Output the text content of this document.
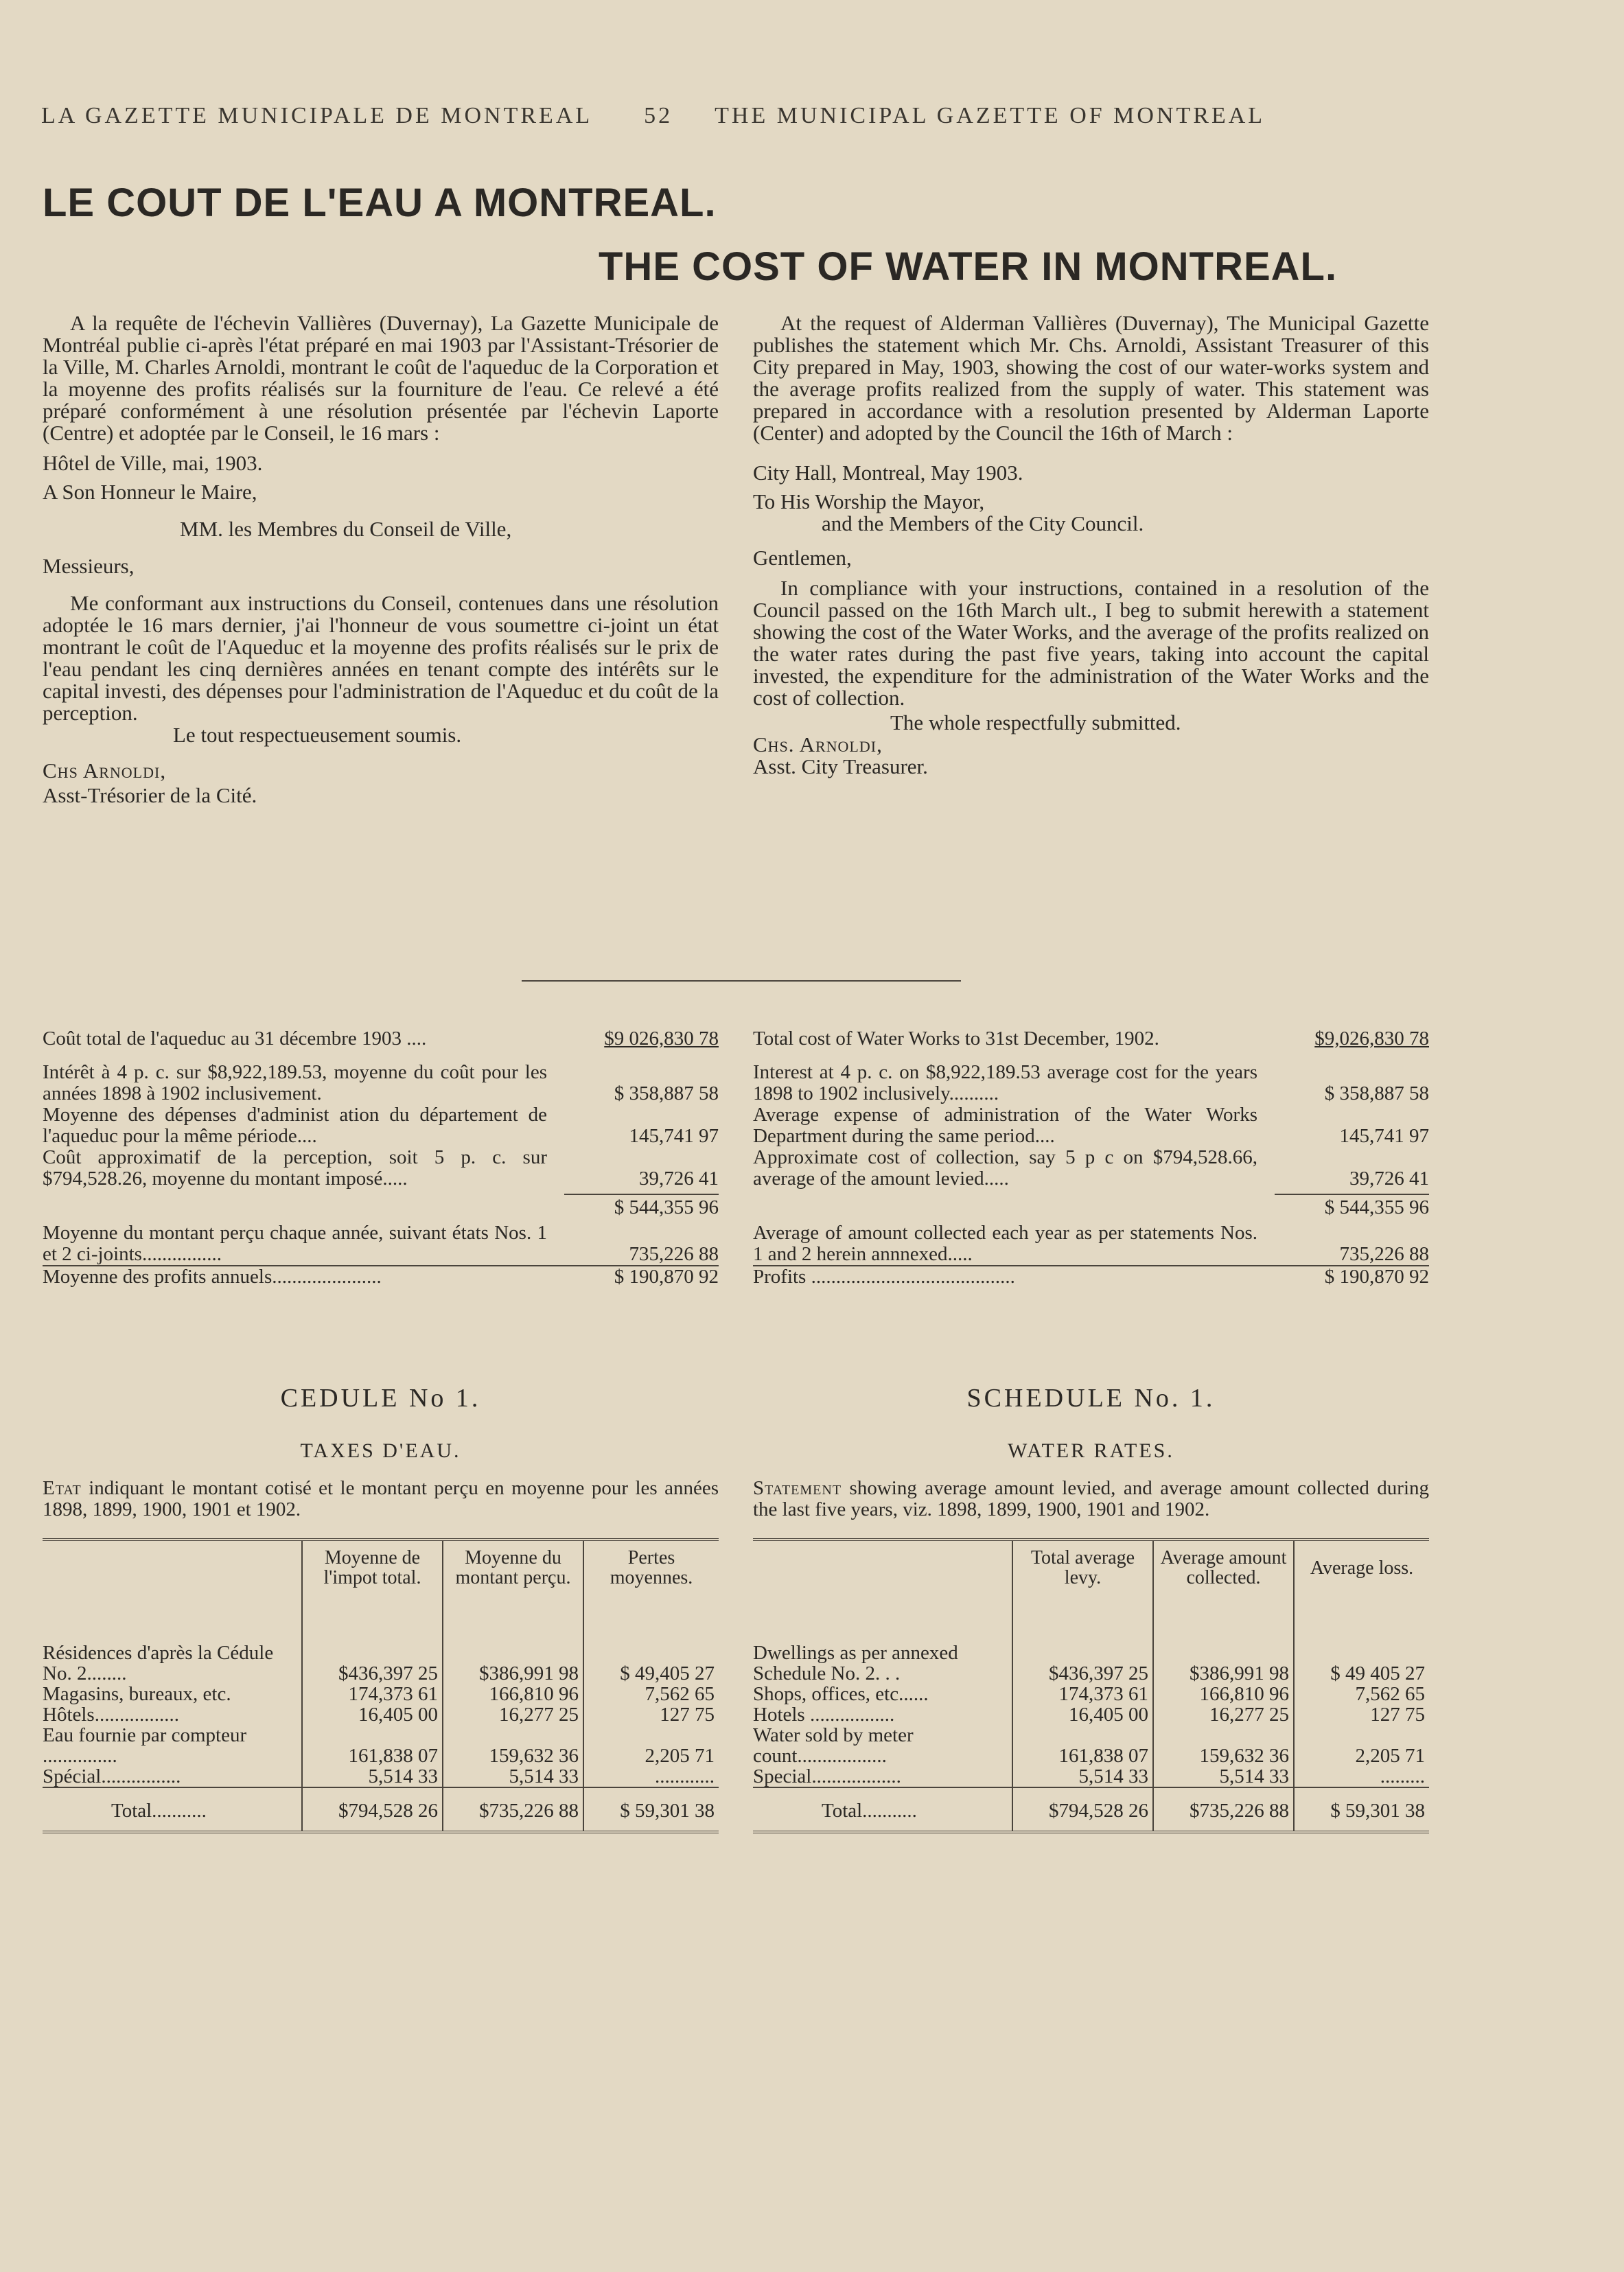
LA GAZETTE MUNICIPALE DE MONTREAL 52 THE MUNICIPAL GAZETTE OF MONTREAL
LE COUT DE L'EAU A MONTREAL.
THE COST OF WATER IN MONTREAL.

A la requête de l'échevin Vallières (Duvernay), La Gazette Municipale de Montréal publie ci-après l'état préparé en mai 1903 par l'Assistant-Trésorier de la Ville, M. Charles Arnoldi, montrant le coût de l'aqueduc de la Corporation et la moyenne des profits réalisés sur la fourniture de l'eau. Ce relevé a été préparé conformément à une résolution présentée par l'échevin Laporte (Centre) et adoptée par le Conseil, le 16 mars :

Hôtel de Ville, mai, 1903.

A Son Honneur le Maire,

MM. les Membres du Conseil de Ville,

Messieurs,

Me conformant aux instructions du Conseil, contenues dans une résolution adoptée le 16 mars dernier, j'ai l'honneur de vous soumettre ci-joint un état montrant le coût de l'Aqueduc et la moyenne des profits réalisés sur le prix de l'eau pendant les cinq dernières années en tenant compte des intérêts sur le capital investi, des dépenses pour l'administration de l'Aqueduc et du coût de la perception.

Le tout respectueusement soumis.

Chs Arnoldi,

Asst-Trésorier de la Cité.

At the request of Alderman Vallières (Duvernay), The Municipal Gazette publishes the statement which Mr. Chs. Arnoldi, Assistant Treasurer of this City prepared in May, 1903, showing the cost of our water-works system and the average profits realized from the supply of water. This statement was prepared in accordance with a resolution presented by Alderman Laporte (Center) and adopted by the Council the 16th of March :

City Hall, Montreal, May 1903.

To His Worship the Mayor,

and the Members of the City Council.

Gentlemen,

In compliance with your instructions, contained in a resolution of the Council passed on the 16th March ult., I beg to submit herewith a statement showing the cost of the Water Works, and the average of the profits realized on the water rates during the past five years, taking into account the capital invested, the expenditure for the administration of the Water Works and the cost of collection.

The whole respectfully submitted.

Chs. Arnoldi,

Asst. City Treasurer.

Coût total de l'aqueduc au 31 décembre 1903 ....	$9 026,830 78
Intérêt à 4 p. c. sur $8,922,189.53, moyenne du coût pour les années 1898 à 1902 inclusivement.	$ 358,887 58
Moyenne des dépenses d'administ ation du département de l'aqueduc pour la même période....	145,741 97
Coût approximatif de la perception, soit 5 p. c. sur $794,528.26, moyenne du montant imposé.....	39,726 41
$ 544,355 96
Moyenne du montant perçu chaque année, suivant états Nos. 1 et 2 ci-joints................	735,226 88
Moyenne des profits annuels......................	$ 190,870 92
Total cost of Water Works to 31st December, 1902.	$9,026,830 78
Interest at 4 p. c. on $8,922,189.53 average cost for the years 1898 to 1902 inclusively..........	$ 358,887 58
Average expense of administration of the Water Works Department during the same period....	145,741 97
Approximate cost of collection, say 5 p c on $794,528.66, average of the amount levied.....	39,726 41
$ 544,355 96
Average of amount collected each year as per statements Nos. 1 and 2 herein annnexed.....	735,226 88
Profits .........................................	$ 190,870 92
CEDULE No 1.
TAXES D'EAU.
Etat indiquant le montant cotisé et le montant perçu en moyenne pour les années 1898, 1899, 1900, 1901 et 1902.
	Moyenne de l'impot total.	Moyenne du montant perçu.	Pertes moyennes.
Résidences d'après la Cédule No. 2........	$436,397 25	$386,991 98	$ 49,405 27
Magasins, bureaux, etc.	174,373 61	166,810 96	7,562 65
Hôtels.................	16,405 00	16,277 25	127 75
Eau fournie par compteur ...............	161,838 07	159,632 36	2,205 71
Spécial................	5,514 33	5,514 33	............
Total...........	$794,528 26	$735,226 88	$ 59,301 38
SCHEDULE No. 1.
WATER RATES.
Statement showing average amount levied, and average amount collected during the last five years, viz. 1898, 1899, 1900, 1901 and 1902.
	Total average levy.	Average amount collected.	Average loss.
Dwellings as per annexed Schedule No. 2. . .	$436,397 25	$386,991 98	$ 49 405 27
Shops, offices, etc......	174,373 61	166,810 96	7,562 65
Hotels .................	16,405 00	16,277 25	127 75
Water sold by meter count..................	161,838 07	159,632 36	2,205 71
Special..................	5,514 33	5,514 33	.........
Total...........	$794,528 26	$735,226 88	$ 59,301 38
